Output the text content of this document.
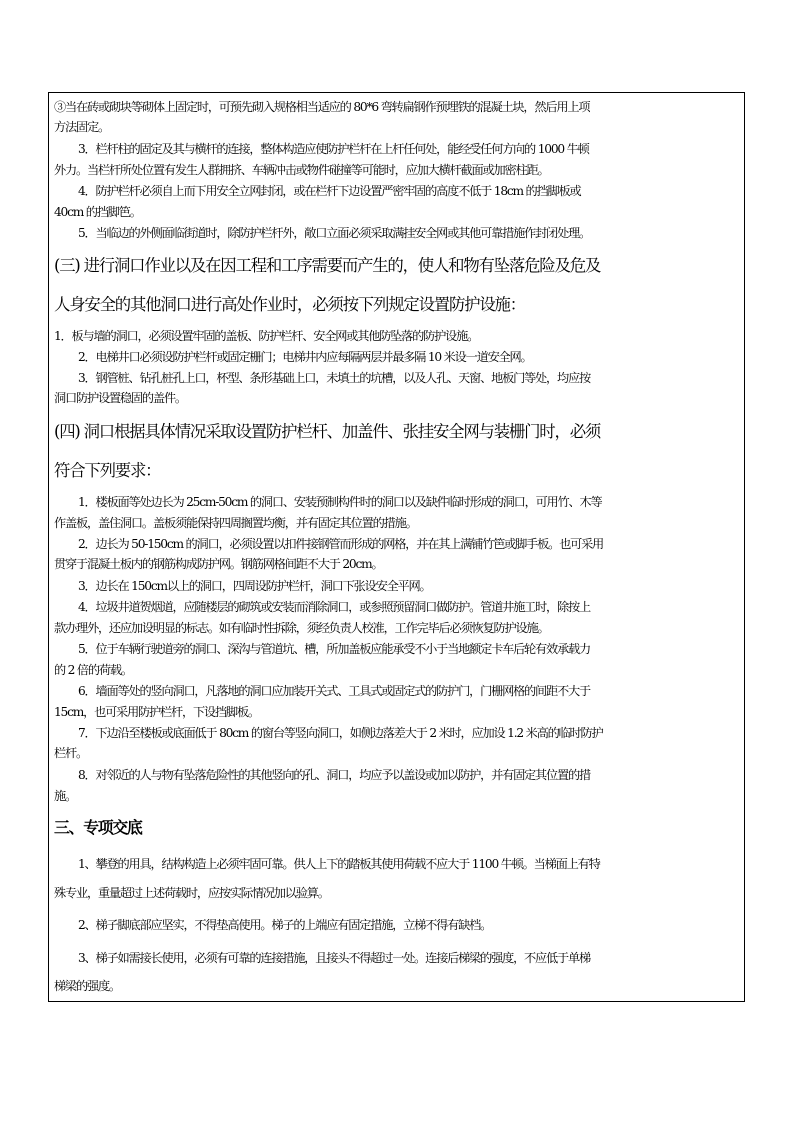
③当在砖或砌块等砌体上固定时，可预先砌入规格相当适应的 80*6 弯转扁钢作预埋铁的混凝土块，然后用上项

方法固定。

3．栏杆柱的固定及其与横杆的连接，整体构造应使防护栏杆在上杆任何处，能经受任何方向的 1000 牛顿

外力。当栏杆所处位置有发生人群拥挤、车辆冲击或物件碰撞等可能时，应加大横杆截面或加密柱距。

4．防护栏杆必须自上而下用安全立网封闭，或在栏杆下边设置严密牢固的高度不低于 18cm 的挡脚板或

40cm 的挡脚笆。

5．当临边的外侧面临街道时，除防护栏杆外，敞口立面必须采取满挂安全网或其他可靠措施作封闭处理。

(三) 进行洞口作业以及在因工程和工序需要而产生的，使人和物有坠落危险及危及

人身安全的其他洞口进行高处作业时，必须按下列规定设置防护设施：

1．板与墙的洞口，必须设置牢固的盖板、防护栏杆、安全网或其他防坠落的防护设施。

2．电梯井口必须设防护栏杆或固定栅门；电梯井内应每隔两层并最多隔 10 米设一道安全网。

3．钢管桩、钻孔桩孔上口，杯型、条形基础上口，未填土的坑槽，以及人孔、天窗、地板门等处，均应按

洞口防护设置稳固的盖件。

(四) 洞口根据具体情况采取设置防护栏杆、加盖件、张挂安全网与装栅门时，必须

符合下列要求：

1．楼板面等处边长为 25cm-50cm 的洞口、安装预制构件时的洞口以及缺件临时形成的洞口，可用竹、木等

作盖板，盖住洞口。盖板须能保持四周搁置均衡，并有固定其位置的措施。

2．边长为 50-150cm 的洞口，必须设置以扣件接钢管而形成的网格，并在其上满铺竹笆或脚手板。也可采用

贯穿于混凝土板内的钢筋构成防护网。钢筋网格间距不大于 20cm。

3．边长在 150cm以上的洞口，四周设防护栏杆，洞口下张设安全平网。

4．垃圾井道贺烟道，应随楼层的砌筑或安装而消除洞口，或参照预留洞口做防护。管道井施工时，除按上

款办理外，还应加设明显的标志。如有临时性拆除，须经负责人校准，工作完毕后必须恢复防护设施。

5．位于车辆行驶道旁的洞口、深沟与管道坑、槽，所加盖板应能承受不小于当地额定卡车后轮有效承载力

的 2 倍的荷载。

6．墙面等处的竖向洞口，凡落地的洞口应加装开关式、工具式或固定式的防护门，门栅网格的间距不大于

15cm，也可采用防护栏杆，下设挡脚板。

7．下边沿至楼板或底面低于 80cm 的窗台等竖向洞口，如侧边落差大于 2 米时，应加设 1.2 米高的临时防护

栏杆。

8．对邻近的人与物有坠落危险性的其他竖向的孔、洞口，均应予以盖设或加以防护，并有固定其位置的措

施。

三、专项交底

1、攀登的用具，结构构造上必须牢固可靠。供人上下的踏板其使用荷载不应大于 1100 牛顿。当梯面上有特

殊专业，重量超过上述荷载时，应按实际情况加以验算。

2、梯子脚底部应坚实，不得垫高使用。梯子的上端应有固定措施，立梯不得有缺档。

3、梯子如需接长使用，必须有可靠的连接措施，且接头不得超过一处。连接后梯梁的强度，不应低于单梯

梯梁的强度。
